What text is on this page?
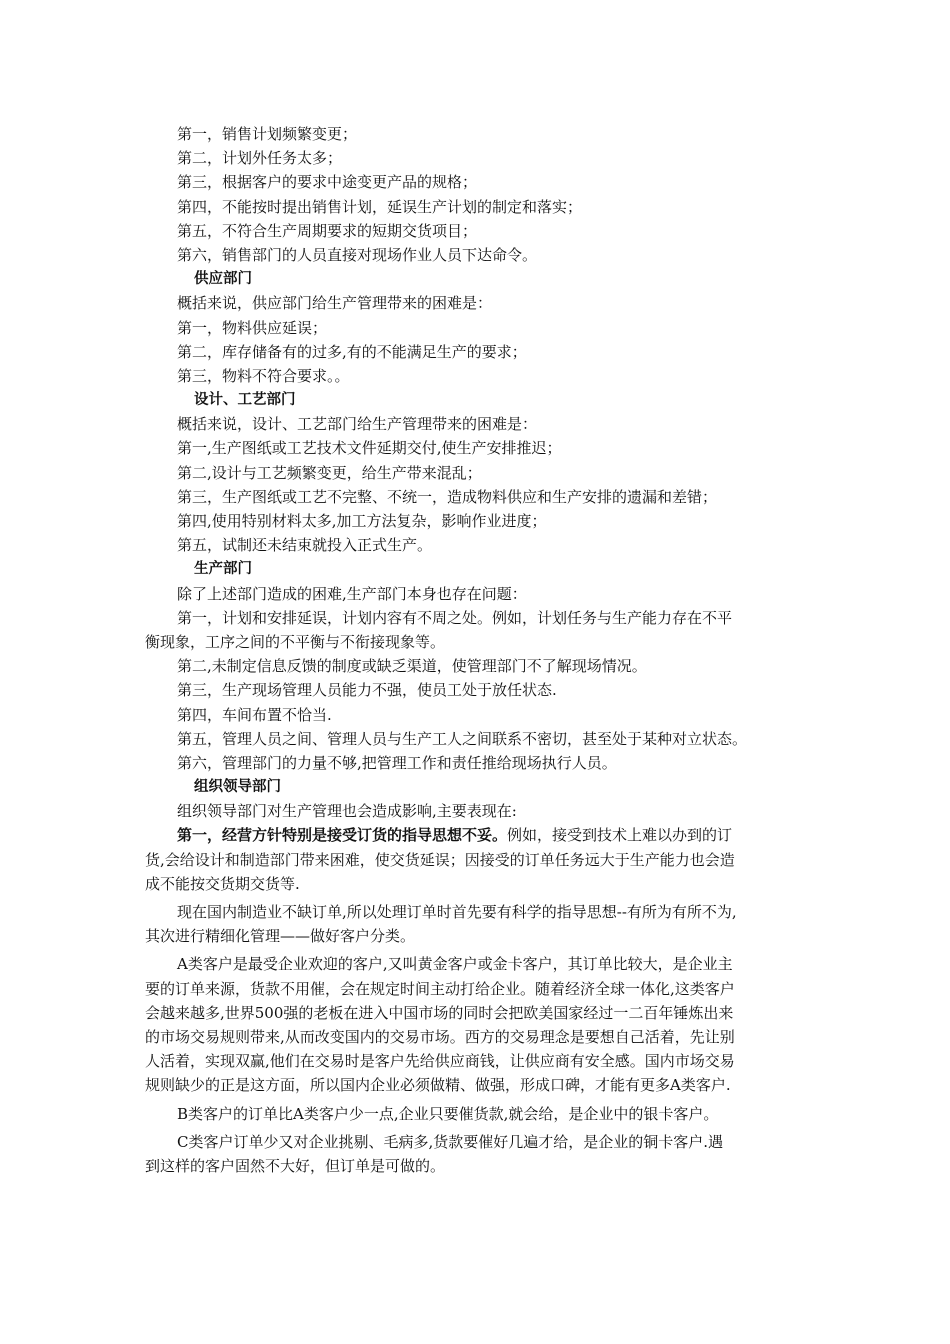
第一，销售计划频繁变更；

第二，计划外任务太多；

第三，根据客户的要求中途变更产品的规格；

第四，不能按时提出销售计划，延误生产计划的制定和落实；

第五，不符合生产周期要求的短期交货项目；

第六，销售部门的人员直接对现场作业人员下达命令。

供应部门

概括来说，供应部门给生产管理带来的困难是：

第一，物料供应延误；

第二，库存储备有的过多,有的不能满足生产的要求；

第三，物料不符合要求。。

设计、工艺部门

概括来说，设计、工艺部门给生产管理带来的困难是：

第一,生产图纸或工艺技术文件延期交付,使生产安排推迟；

第二,设计与工艺频繁变更，给生产带来混乱；

第三，生产图纸或工艺不完整、不统一，造成物料供应和生产安排的遗漏和差错；

第四,使用特别材料太多,加工方法复杂，影响作业进度；

第五，试制还未结束就投入正式生产。

生产部门

除了上述部门造成的困难,生产部门本身也存在问题：

第一，计划和安排延误，计划内容有不周之处。例如，计划任务与生产能力存在不平

衡现象，工序之间的不平衡与不衔接现象等。

第二,未制定信息反馈的制度或缺乏渠道，使管理部门不了解现场情况。

第三，生产现场管理人员能力不强，使员工处于放任状态.

第四，车间布置不恰当.

第五，管理人员之间、管理人员与生产工人之间联系不密切，甚至处于某种对立状态。

第六，管理部门的力量不够,把管理工作和责任推给现场执行人员。

组织领导部门

组织领导部门对生产管理也会造成影响,主要表现在:

第一，经营方针特别是接受订货的指导思想不妥。例如，接受到技术上难以办到的订

货,会给设计和制造部门带来困难，使交货延误；因接受的订单任务远大于生产能力也会造

成不能按交货期交货等.

现在国内制造业不缺订单,所以处理订单时首先要有科学的指导思想--有所为有所不为,

其次进行精细化管理——做好客户分类。

A类客户是最受企业欢迎的客户,又叫黄金客户或金卡客户，其订单比较大，是企业主

要的订单来源，货款不用催，会在规定时间主动打给企业。随着经济全球一体化,这类客户

会越来越多,世界500强的老板在进入中国市场的同时会把欧美国家经过一二百年锤炼出来

的市场交易规则带来,从而改变国内的交易市场。西方的交易理念是要想自己活着，先让别

人活着，实现双赢,他们在交易时是客户先给供应商钱，让供应商有安全感。国内市场交易

规则缺少的正是这方面，所以国内企业必须做精、做强，形成口碑，才能有更多A类客户.

B类客户的订单比A类客户少一点,企业只要催货款,就会给，是企业中的银卡客户。

C类客户订单少又对企业挑剔、毛病多,货款要催好几遍才给，是企业的铜卡客户.遇

到这样的客户固然不大好，但订单是可做的。
